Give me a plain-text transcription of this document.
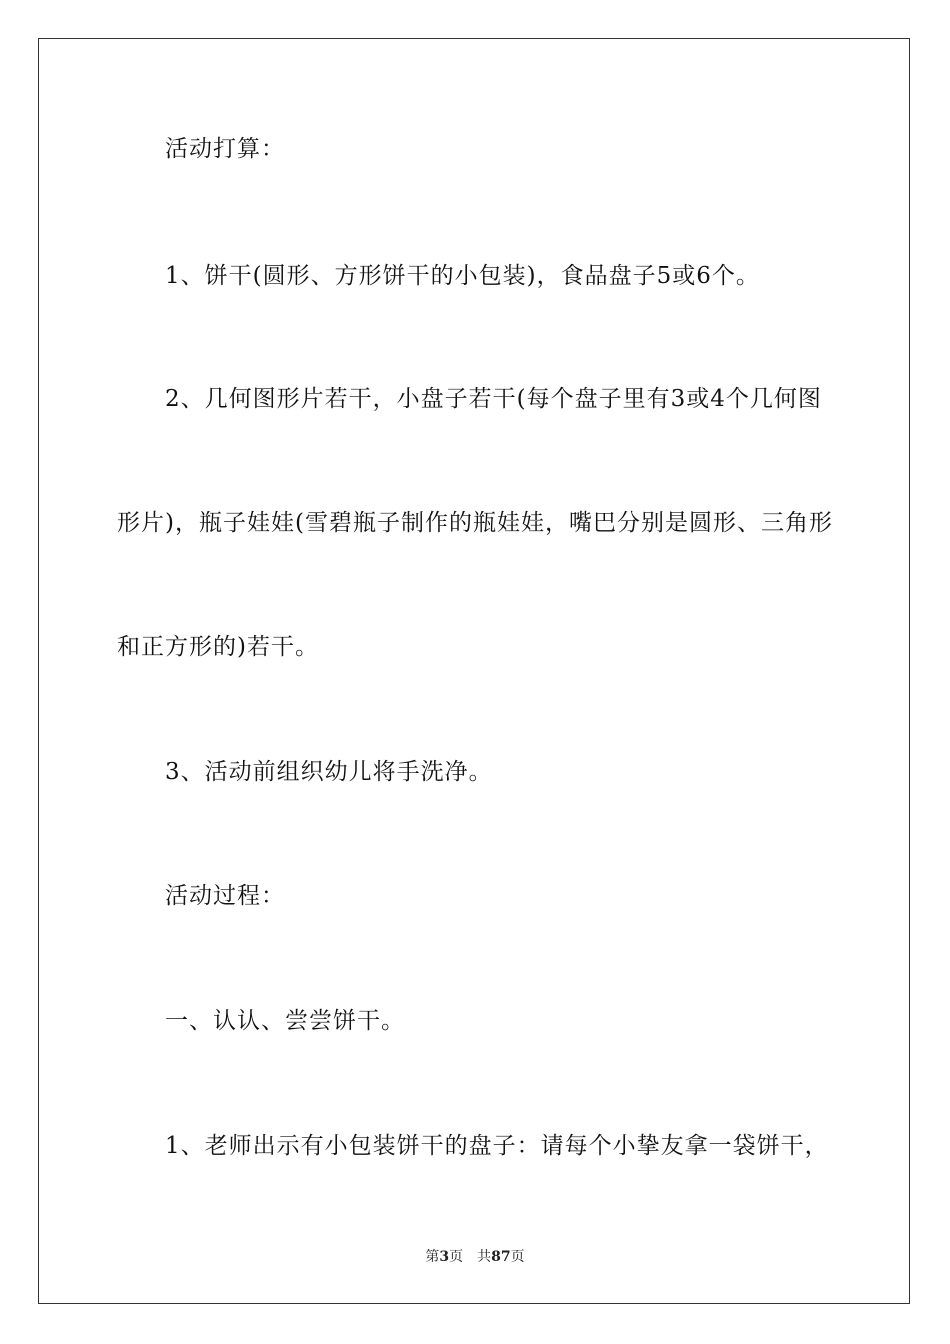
活动打算：
1、饼干(圆形、方形饼干的小包装)，食品盘子5或6个。
2、几何图形片若干，小盘子若干(每个盘子里有3或4个几何图
形片)，瓶子娃娃(雪碧瓶子制作的瓶娃娃，嘴巴分别是圆形、三角形
和正方形的)若干。
3、活动前组织幼儿将手洗净。
活动过程：
一、认认、尝尝饼干。
1、老师出示有小包装饼干的盘子：请每个小挚友拿一袋饼干，
第3页 共87页
